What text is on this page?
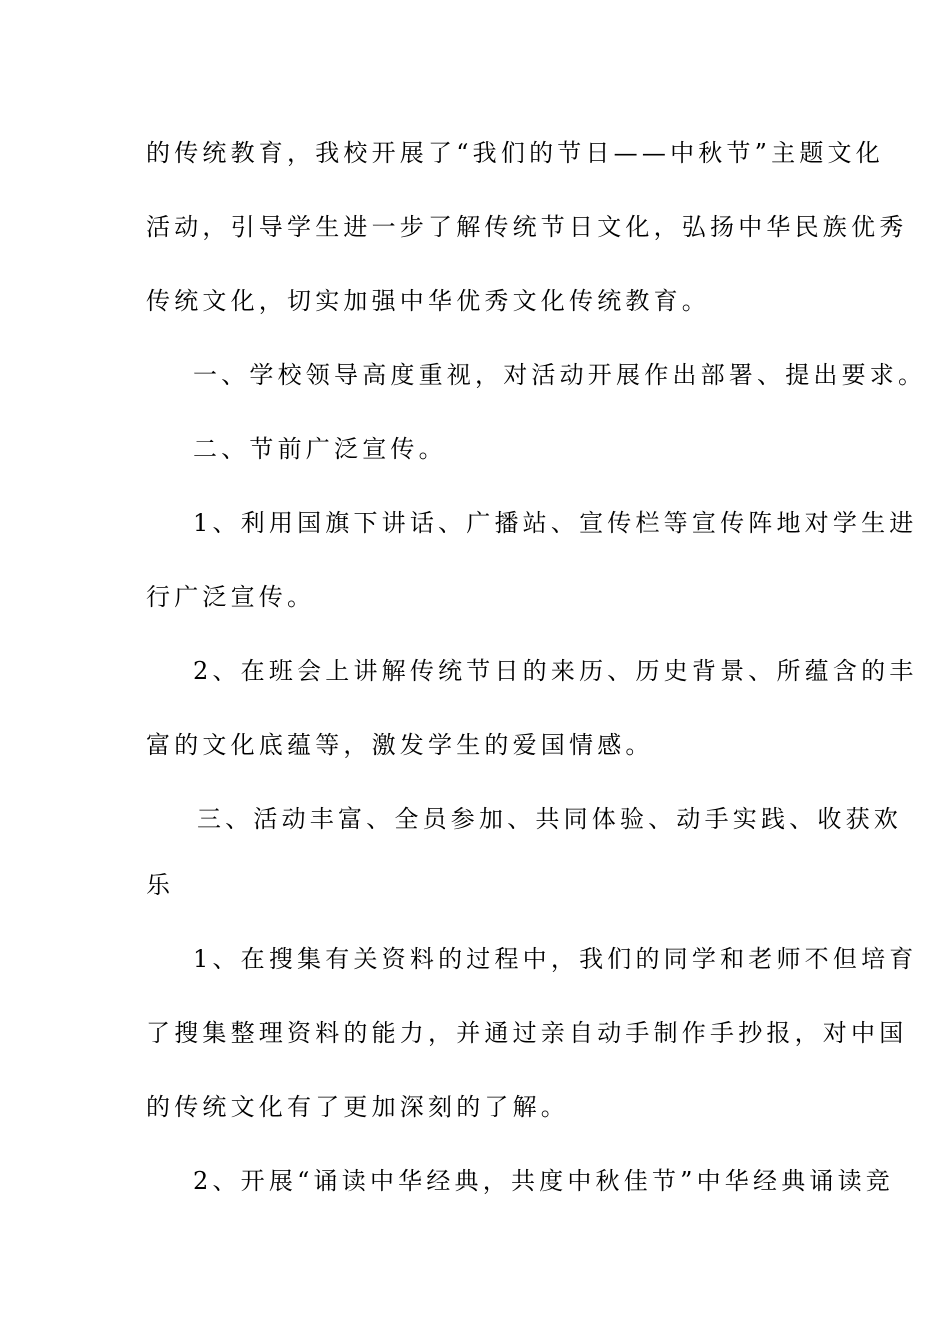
的传统教育，我校开展了“我们的节日——中秋节”主题文化
活动，引导学生进一步了解传统节日文化，弘扬中华民族优秀
传统文化，切实加强中华优秀文化传统教育。
一、学校领导高度重视，对活动开展作出部署、提出要求。
二、节前广泛宣传。
1、利用国旗下讲话、广播站、宣传栏等宣传阵地对学生进
行广泛宣传。
2、在班会上讲解传统节日的来历、历史背景、所蕴含的丰
富的文化底蕴等，激发学生的爱国情感。
三、活动丰富、全员参加、共同体验、动手实践、收获欢
乐
1、在搜集有关资料的过程中，我们的同学和老师不但培育
了搜集整理资料的能力，并通过亲自动手制作手抄报，对中国
的传统文化有了更加深刻的了解。
2、开展“诵读中华经典，共度中秋佳节”中华经典诵读竞
